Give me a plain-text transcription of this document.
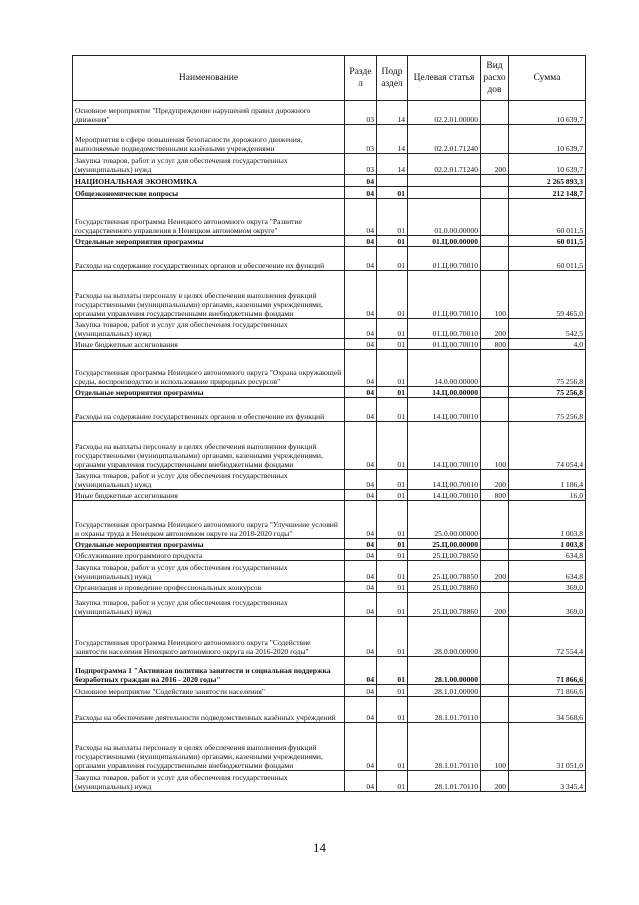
Наименование	Разде л	Подр аздел	Целевая статья	Вид расхо дов	Сумма
Основное мероприятие "Предупреждение нарушений правил дорожного движения"	03	14	02.2.01.00000		10 639,7
Мероприятия в сфере повышения безопасности дорожного движения, выполняемые подведомственными казёнными учреждениями	03	14	02.2.01.71240		10 639,7
Закупка товаров, работ и услуг для обеспечения государственных (муниципальных) нужд	03	14	02.2.01.71240	200	10 639,7
НАЦИОНАЛЬНАЯ ЭКОНОМИКА	04				2 265 893,3
Общеэкономические вопросы	04	01			212 148,7
Государственная программа Ненецкого автономного округа "Развитие государственного управления в Ненецком автономном округе"	04	01	01.0.00.00000		60 011,5
Отдельные мероприятия программы	04	01	01.Ц.00.00000		60 011,5
Расходы на содержание государственных органов и обеспечение их функций	04	01	01.Ц.00.70010		60 011,5
Расходы на выплаты персоналу в целях обеспечения выполнения функций государственными (муниципальными) органами, казенными учреждениями, органами управления государственными внебюджетными фондами	04	01	01.Ц.00.70010	100	59 465,0
Закупка товаров, работ и услуг для обеспечения государственных (муниципальных) нужд	04	01	01.Ц.00.70010	200	542,5
Иные бюджетные ассигнования	04	01	01.Ц.00.70010	800	4,0
Государственная программа Ненецкого автономного округа "Охрана окружающей среды, воспроизводство и использование природных ресурсов"	04	01	14.0.00.00000		75 256,8
Отдельные мероприятия программы	04	01	14.Ц.00.00000		75 256,8
Расходы на содержание государственных органов и обеспечение их функций	04	01	14.Ц.00.70010		75 256,8
Расходы на выплаты персоналу в целях обеспечения выполнения функций государственными (муниципальными) органами, казенными учреждениями, органами управления государственными внебюджетными фондами	04	01	14.Ц.00.70010	100	74 054,4
Закупка товаров, работ и услуг для обеспечения государственных (муниципальных) нужд	04	01	14.Ц.00.70010	200	1 186,4
Иные бюджетные ассигнования	04	01	14.Ц.00.70010	800	16,0
Государственная программа Ненецкого автономного округа "Улучшение условий и охраны труда в Ненецком автономном округе на 2018-2020 годы"	04	01	25.0.00.00000		1 003,8
Отдельные мероприятия программы	04	01	25.Ц.00.00000		1 003,8
Обслуживание программного продукта	04	01	25.Ц.00.78850		634,8
Закупка товаров, работ и услуг для обеспечения государственных (муниципальных) нужд	04	01	25.Ц.00.78850	200	634,8
Организация и проведение профессиональных конкурсов	04	01	25.Ц.00.78860		369,0
Закупка товаров, работ и услуг для обеспечения государственных (муниципальных) нужд	04	01	25.Ц.00.78860	200	369,0
Государственная программа Ненецкого автономного округа "Содействие занятости населения Ненецкого автономного округа на 2016-2020 годы"	04	01	28.0.00.00000		72 554,4
Подпрограмма 1 "Активная политика занятости и социальная поддержка безработных граждан на 2016 - 2020 годы"	04	01	28.1.00.00000		71 866,6
Основное мероприятие "Содействие занятости населения"	04	01	28.1.01.00000		71 866,6
Расходы на обеспечение деятельности подведомственных казённых учреждений	04	01	28.1.01.70110		34 568,6
Расходы на выплаты персоналу в целях обеспечения выполнения функций государственными (муниципальными) органами, казенными учреждениями, органами управления государственными внебюджетными фондами	04	01	28.1.01.70110	100	31 051,0
Закупка товаров, работ и услуг для обеспечения государственных (муниципальных) нужд	04	01	28.1.01.70110	200	3 345,4
14
